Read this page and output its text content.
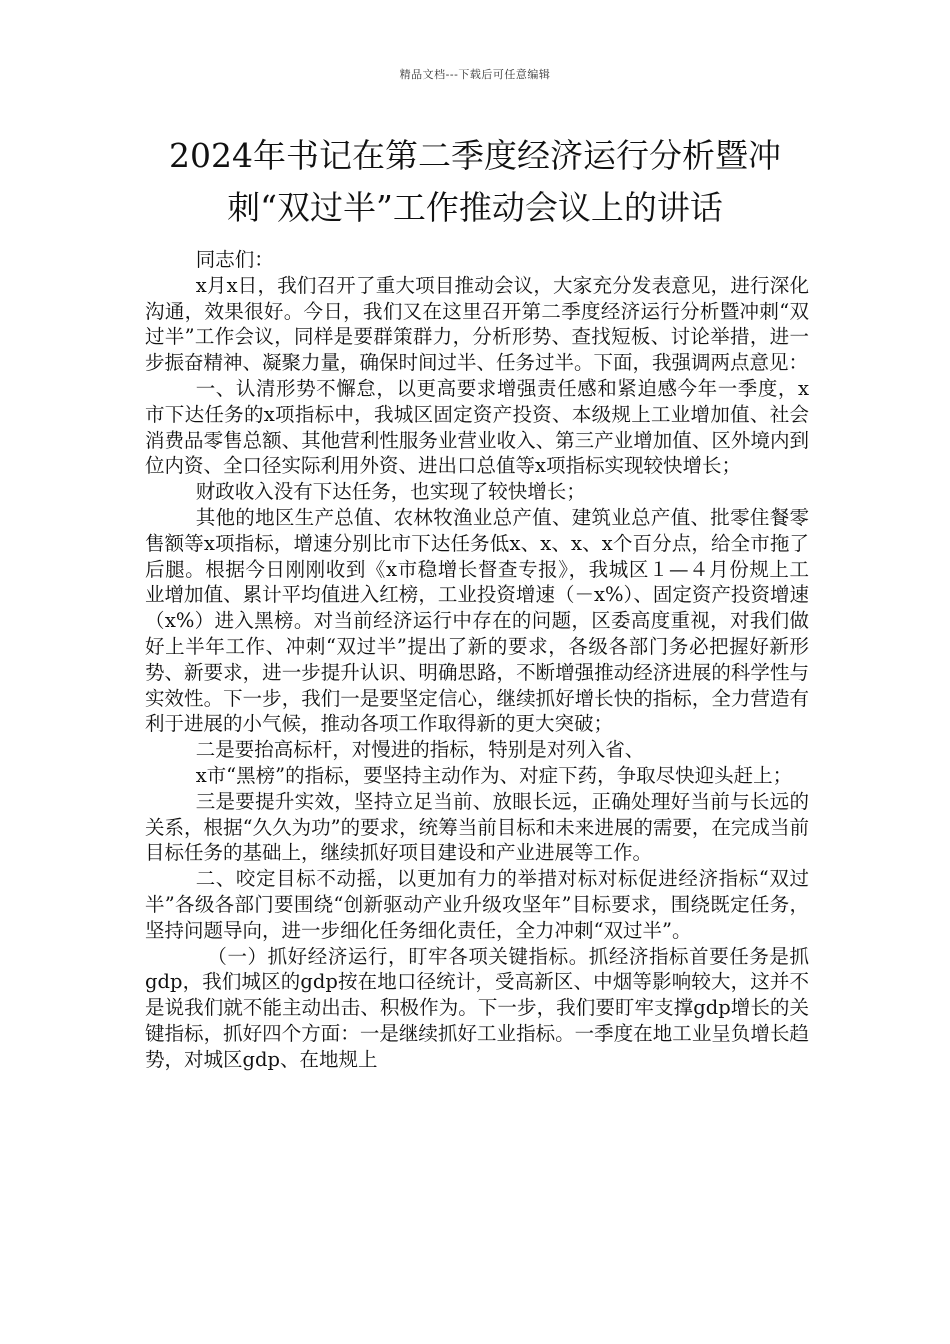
精品文档---下载后可任意编辑
2024年书记在第二季度经济运行分析暨冲
刺“双过半”工作推动会议上的讲话

同志们：

x月x日，我们召开了重大项目推动会议，大家充分发表意见，进行深化沟通，效果很好。今日，我们又在这里召开第二季度经济运行分析暨冲刺“双过半”工作会议，同样是要群策群力，分析形势、查找短板、讨论举措，进一步振奋精神、凝聚力量，确保时间过半、任务过半。下面，我强调两点意见：

一、认清形势不懈怠，以更高要求增强责任感和紧迫感今年一季度，x市下达任务的x项指标中，我城区固定资产投资、本级规上工业增加值、社会消费品零售总额、其他营利性服务业营业收入、第三产业增加值、区外境内到位内资、全口径实际利用外资、进出口总值等x项指标实现较快增长；

财政收入没有下达任务，也实现了较快增长；

其他的地区生产总值、农林牧渔业总产值、建筑业总产值、批零住餐零售额等x项指标，增速分别比市下达任务低x、x、x、x个百分点，给全市拖了后腿。根据今日刚刚收到《x市稳增长督查专报》，我城区１—４月份规上工业增加值、累计平均值进入红榜，工业投资增速（－x%）、固定资产投资增速（x%）进入黑榜。对当前经济运行中存在的问题，区委高度重视，对我们做好上半年工作、冲刺“双过半”提出了新的要求，各级各部门务必把握好新形势、新要求，进一步提升认识、明确思路，不断增强推动经济进展的科学性与实效性。下一步，我们一是要坚定信心，继续抓好增长快的指标，全力营造有利于进展的小气候，推动各项工作取得新的更大突破；

二是要抬高标杆，对慢进的指标，特别是对列入省、

x市“黑榜”的指标，要坚持主动作为、对症下药，争取尽快迎头赶上；

三是要提升实效，坚持立足当前、放眼长远，正确处理好当前与长远的关系，根据“久久为功”的要求，统筹当前目标和未来进展的需要，在完成当前目标任务的基础上，继续抓好项目建设和产业进展等工作。

二、咬定目标不动摇，以更加有力的举措对标对标促进经济指标“双过半”各级各部门要围绕“创新驱动产业升级攻坚年”目标要求，围绕既定任务，坚持问题导向，进一步细化任务细化责任，全力冲刺“双过半”。

（一）抓好经济运行，盯牢各项关键指标。抓经济指标首要任务是抓gdp，我们城区的gdp按在地口径统计，受高新区、中烟等影响较大，这并不是说我们就不能主动出击、积极作为。下一步，我们要盯牢支撑gdp增长的关键指标，抓好四个方面：一是继续抓好工业指标。一季度在地工业呈负增长趋势，对城区gdp、在地规上
